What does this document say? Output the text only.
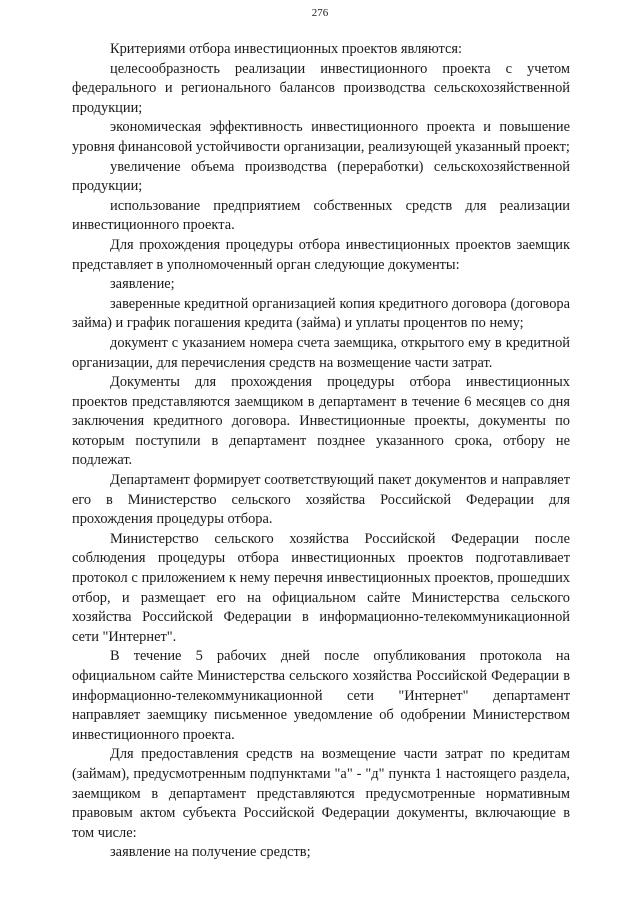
276

Критериями отбора инвестиционных проектов являются:

целесообразность реализации инвестиционного проекта с учетом федерального и регионального балансов производства сельскохозяйственной продукции;

экономическая эффективность инвестиционного проекта и повышение уровня финансовой устойчивости организации, реализующей указанный проект;

увеличение объема производства (переработки) сельскохозяйственной продукции;

использование предприятием собственных средств для реализации инвестиционного проекта.

Для прохождения процедуры отбора инвестиционных проектов заемщик представляет в уполномоченный орган следующие документы:

заявление;

заверенные кредитной организацией копия кредитного договора (договора займа) и график погашения кредита (займа) и уплаты процентов по нему;

документ с указанием номера счета заемщика, открытого ему в кредитной организации, для перечисления средств на возмещение части затрат.

Документы для прохождения процедуры отбора инвестиционных проектов представляются заемщиком в департамент в течение 6 месяцев со дня заключения кредитного договора. Инвестиционные проекты, документы по которым поступили в департамент позднее указанного срока, отбору не подлежат.

Департамент формирует соответствующий пакет документов и направляет его в Министерство сельского хозяйства Российской Федерации для прохождения процедуры отбора.

Министерство сельского хозяйства Российской Федерации после соблюдения процедуры отбора инвестиционных проектов подготавливает протокол с приложением к нему перечня инвестиционных проектов, прошедших отбор, и размещает его на официальном сайте Министерства сельского хозяйства Российской Федерации в информационно-телекоммуникационной сети "Интернет".

В течение 5 рабочих дней после опубликования протокола на официальном сайте Министерства сельского хозяйства Российской Федерации в информационно-телекоммуникационной сети "Интернет" департамент направляет заемщику письменное уведомление об одобрении Министерством инвестиционного проекта.

Для предоставления средств на возмещение части затрат по кредитам (займам), предусмотренным подпунктами "а" - "д" пункта 1 настоящего раздела, заемщиком в департамент представляются предусмотренные нормативным правовым актом субъекта Российской Федерации документы, включающие в том числе:

заявление на получение средств;
